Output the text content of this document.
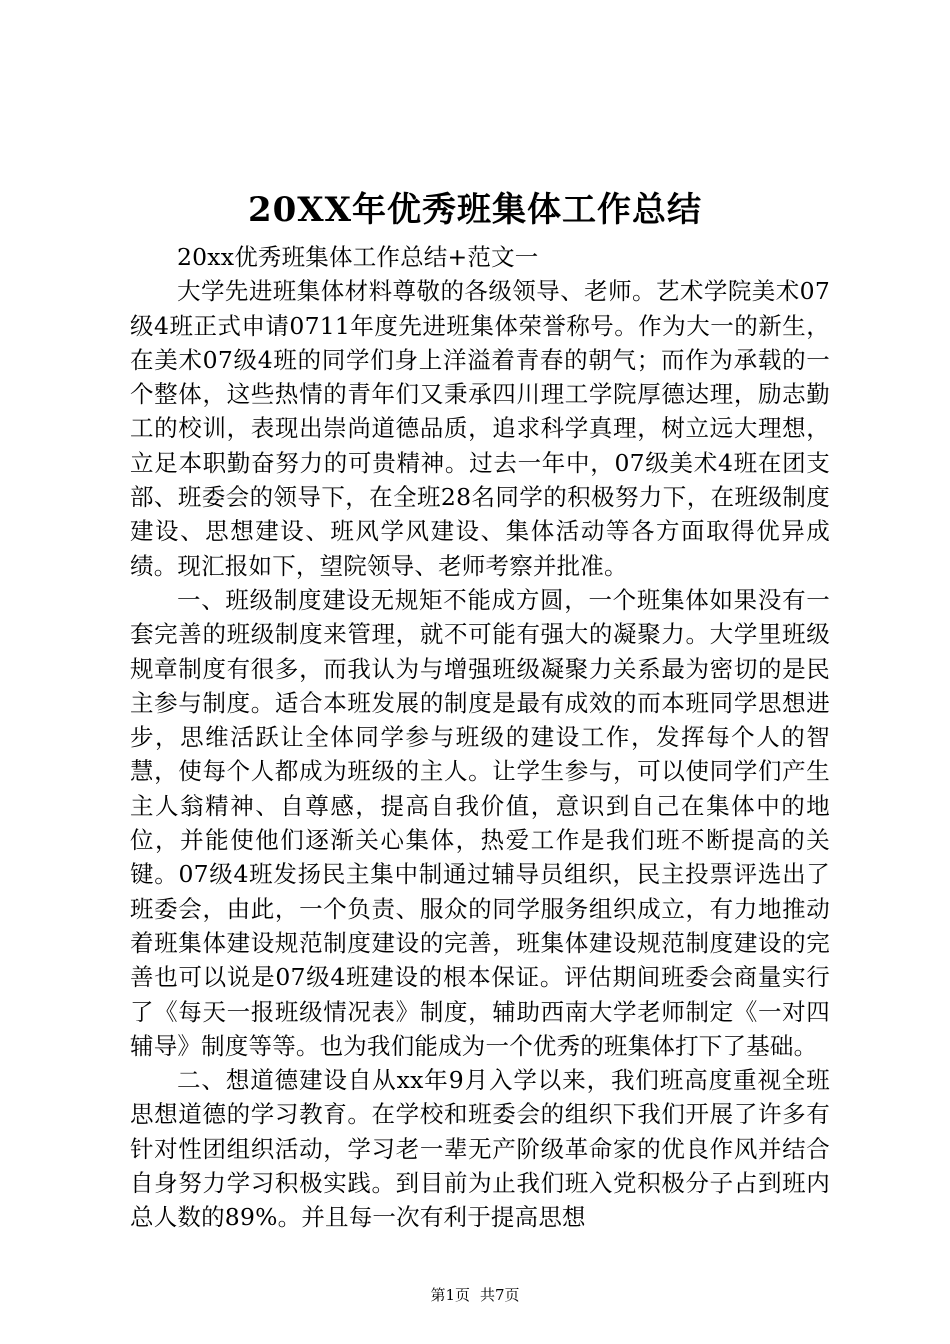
20XX年优秀班集体工作总结

20xx优秀班集体工作总结+范文一

大学先进班集体材料尊敬的各级领导、老师。艺术学院美术07级4班正式申请0711年度先进班集体荣誉称号。作为大一的新生，在美术07级4班的同学们身上洋溢着青春的朝气；而作为承载的一个整体，这些热情的青年们又秉承四川理工学院厚德达理，励志勤工的校训，表现出崇尚道德品质，追求科学真理，树立远大理想，立足本职勤奋努力的可贵精神。过去一年中，07级美术4班在团支部、班委会的领导下，在全班28名同学的积极努力下，在班级制度建设、思想建设、班风学风建设、集体活动等各方面取得优异成绩。现汇报如下，望院领导、老师考察并批准。

一、班级制度建设无规矩不能成方圆，一个班集体如果没有一套完善的班级制度来管理，就不可能有强大的凝聚力。大学里班级规章制度有很多，而我认为与增强班级凝聚力关系最为密切的是民主参与制度。适合本班发展的制度是最有成效的而本班同学思想进步，思维活跃让全体同学参与班级的建设工作，发挥每个人的智慧，使每个人都成为班级的主人。让学生参与，可以使同学们产生主人翁精神、自尊感，提高自我价值，意识到自己在集体中的地位，并能使他们逐渐关心集体，热爱工作是我们班不断提高的关键。07级4班发扬民主集中制通过辅导员组织，民主投票评选出了班委会，由此，一个负责、服众的同学服务组织成立，有力地推动着班集体建设规范制度建设的完善，班集体建设规范制度建设的完善也可以说是07级4班建设的根本保证。评估期间班委会商量实行了《每天一报班级情况表》制度，辅助西南大学老师制定《一对四辅导》制度等等。也为我们能成为一个优秀的班集体打下了基础。

二、想道德建设自从xx年9月入学以来，我们班高度重视全班思想道德的学习教育。在学校和班委会的组织下我们开展了许多有针对性团组织活动，学习老一辈无产阶级革命家的优良作风并结合自身努力学习积极实践。到目前为止我们班入党积极分子占到班内总人数的89%。并且每一次有利于提高思想

第1页 共7页
